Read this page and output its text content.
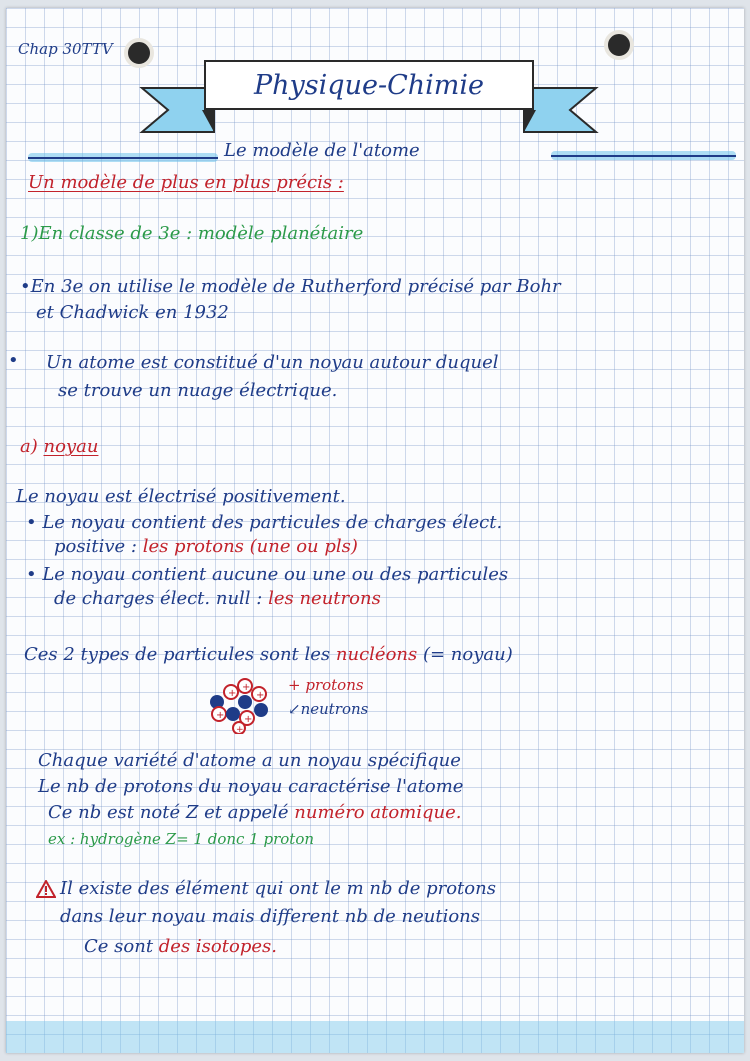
Chap 30TTV
Physique-Chimie
Le modèle de l'atome
Un modèle de plus en plus précis :
1)En classe de 3e : modèle planétaire
•En 3e on utilise le modèle de Rutherford précisé par Bohr
et Chadwick en 1932
• Un atome est constitué d'un noyau autour duquel
se trouve un nuage électrique.
a) noyau
Le noyau est électrisé positivement.
• Le noyau contient des particules de charges élect.
positive : les protons (une ou pls)
• Le noyau contient aucune ou une ou des particules
de charges élect. null : les neutrons
Ces 2 types de particules sont les nucléons (= noyau)
+
+
+
+ +
+
+ protons
↙neutrons
Chaque variété d'atome a un noyau spécifique
Le nb de protons du noyau caractérise l'atome
Ce nb est noté Z et appelé numéro atomique.
ex : hydrogène Z= 1 donc 1 proton
Il existe des élément qui ont le m nb de protons
dans leur noyau mais different nb de neutions
Ce sont des isotopes.
